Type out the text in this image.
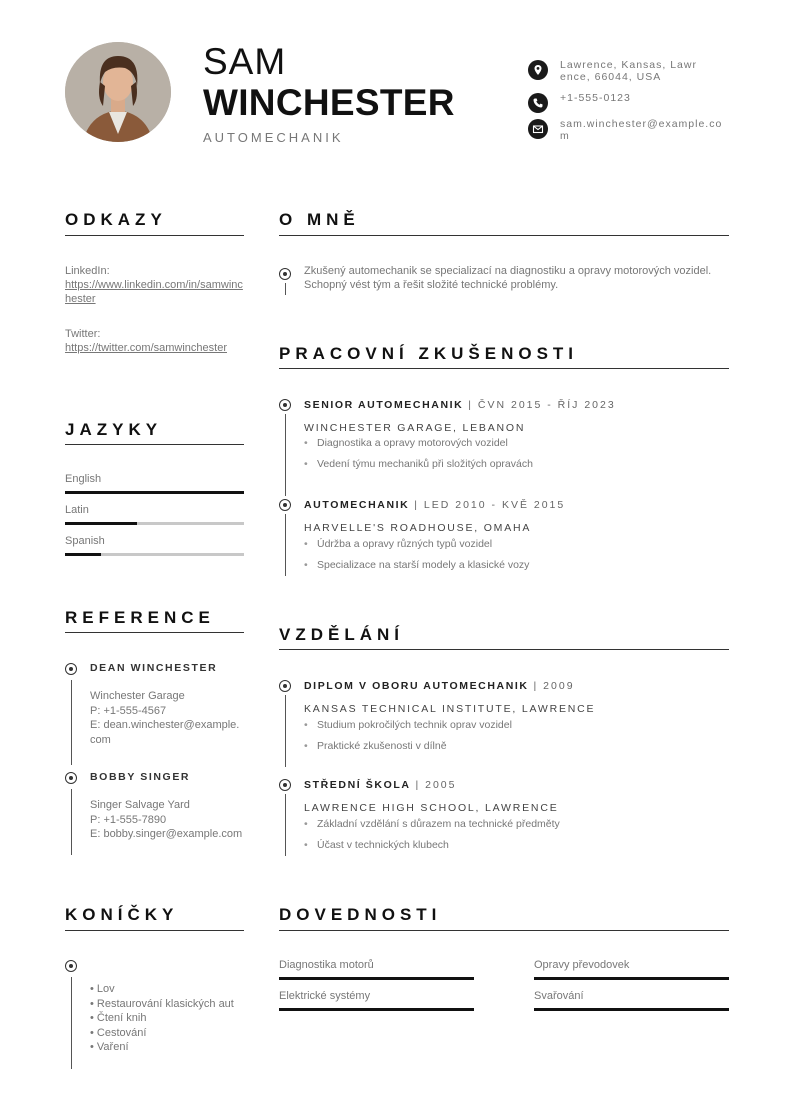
SAM
WINCHESTER
AUTOMECHANIK
Lawrence, Kansas, Lawrence, 66044, USA
+1-555-0123
sam.winchester@example.com
ODKAZY
LinkedIn:
https://www.linkedin.com/in/samwinchester
Twitter:
https://twitter.com/samwinchester
JAZYKY
English
Latin
Spanish
REFERENCE
DEAN WINCHESTER
Winchester Garage
P: +1-555-4567
E: dean.winchester@example.com
BOBBY SINGER
Singer Salvage Yard
P: +1-555-7890
E: bobby.singer@example.com
KONÍČKY
• Lov
• Restaurování klasických aut
• Čtení knih
• Cestování
• Vaření
O MNĚ
Zkušený automechanik se specializací na diagnostiku a opravy motorových vozidel. Schopný vést tým a řešit složité technické problémy.
PRACOVNÍ ZKUŠENOSTI
SENIOR AUTOMECHANIK | ČVN 2015 - ŘÍJ 2023
WINCHESTER GARAGE, LEBANON
• Diagnostika a opravy motorových vozidel
• Vedení týmu mechaniků při složitých opravách
AUTOMECHANIK | LED 2010 - KVĚ 2015
HARVELLE'S ROADHOUSE, OMAHA
• Údržba a opravy různých typů vozidel
• Specializace na starší modely a klasické vozy
VZDĚLÁNÍ
DIPLOM V OBORU AUTOMECHANIK | 2009
KANSAS TECHNICAL INSTITUTE, LAWRENCE
• Studium pokročilých technik oprav vozidel
• Praktické zkušenosti v dílně
STŘEDNÍ ŠKOLA | 2005
LAWRENCE HIGH SCHOOL, LAWRENCE
• Základní vzdělání s důrazem na technické předměty
• Účast v technických klubech
DOVEDNOSTI
Diagnostika motorů	Opravy převodovek
Elektrické systémy	Svařování
